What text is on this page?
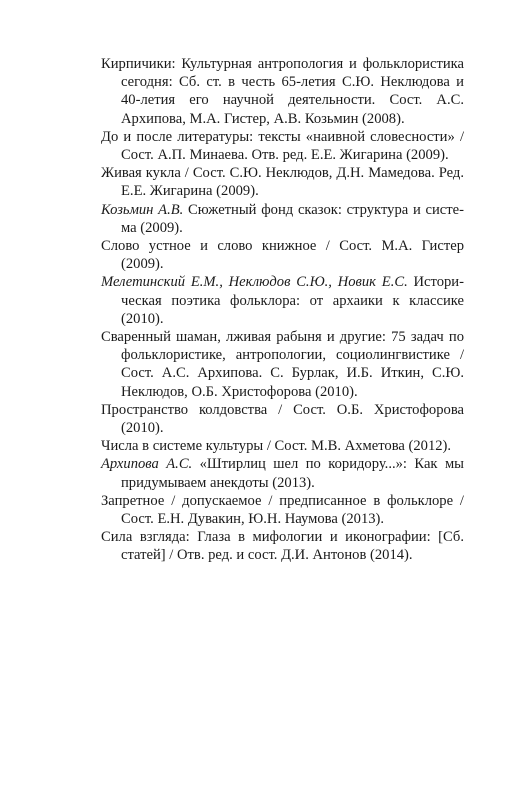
Кирпичики: Культурная антропология и фольклористика сегодня: Сб. ст. в честь 65-летия С.Ю. Неклюдова и 40-летия его научной деятельности. Сост. А.С. Архипова, М.А. Гистер, А.В. Козьмин (2008).

До и после литературы: тексты «наивной словесности» / Сост. А.П. Минаева. Отв. ред. Е.Е. Жигарина (2009).

Живая кукла / Сост. С.Ю. Неклюдов, Д.Н. Мамедова. Ред. Е.Е. Жигарина (2009).

Козьмин А.В. Сюжетный фонд сказок: структура и система (2009).

Слово устное и слово книжное / Сост. М.А. Гистер (2009).

Мелетинский Е.М., Неклюдов С.Ю., Новик Е.С. Историческая поэтика фольклора: от архаики к классике (2010).

Сваренный шаман, лживая рабыня и другие: 75 задач по фольклористике, антропологии, социолингвистике / Сост. А.С. Архипова. С. Бурлак, И.Б. Иткин, С.Ю. Неклюдов, О.Б. Христофорова (2010).

Пространство колдовства / Сост. О.Б. Христофорова (2010).

Числа в системе культуры / Сост. М.В. Ахметова (2012).

Архипова А.С. «Штирлиц шел по коридору...»: Как мы придумываем анекдоты (2013).

Запретное / допускаемое / предписанное в фольклоре / Сост. Е.Н. Дувакин, Ю.Н. Наумова (2013).

Сила взгляда: Глаза в мифологии и иконографии: [Сб. статей] / Отв. ред. и сост. Д.И. Антонов (2014).
